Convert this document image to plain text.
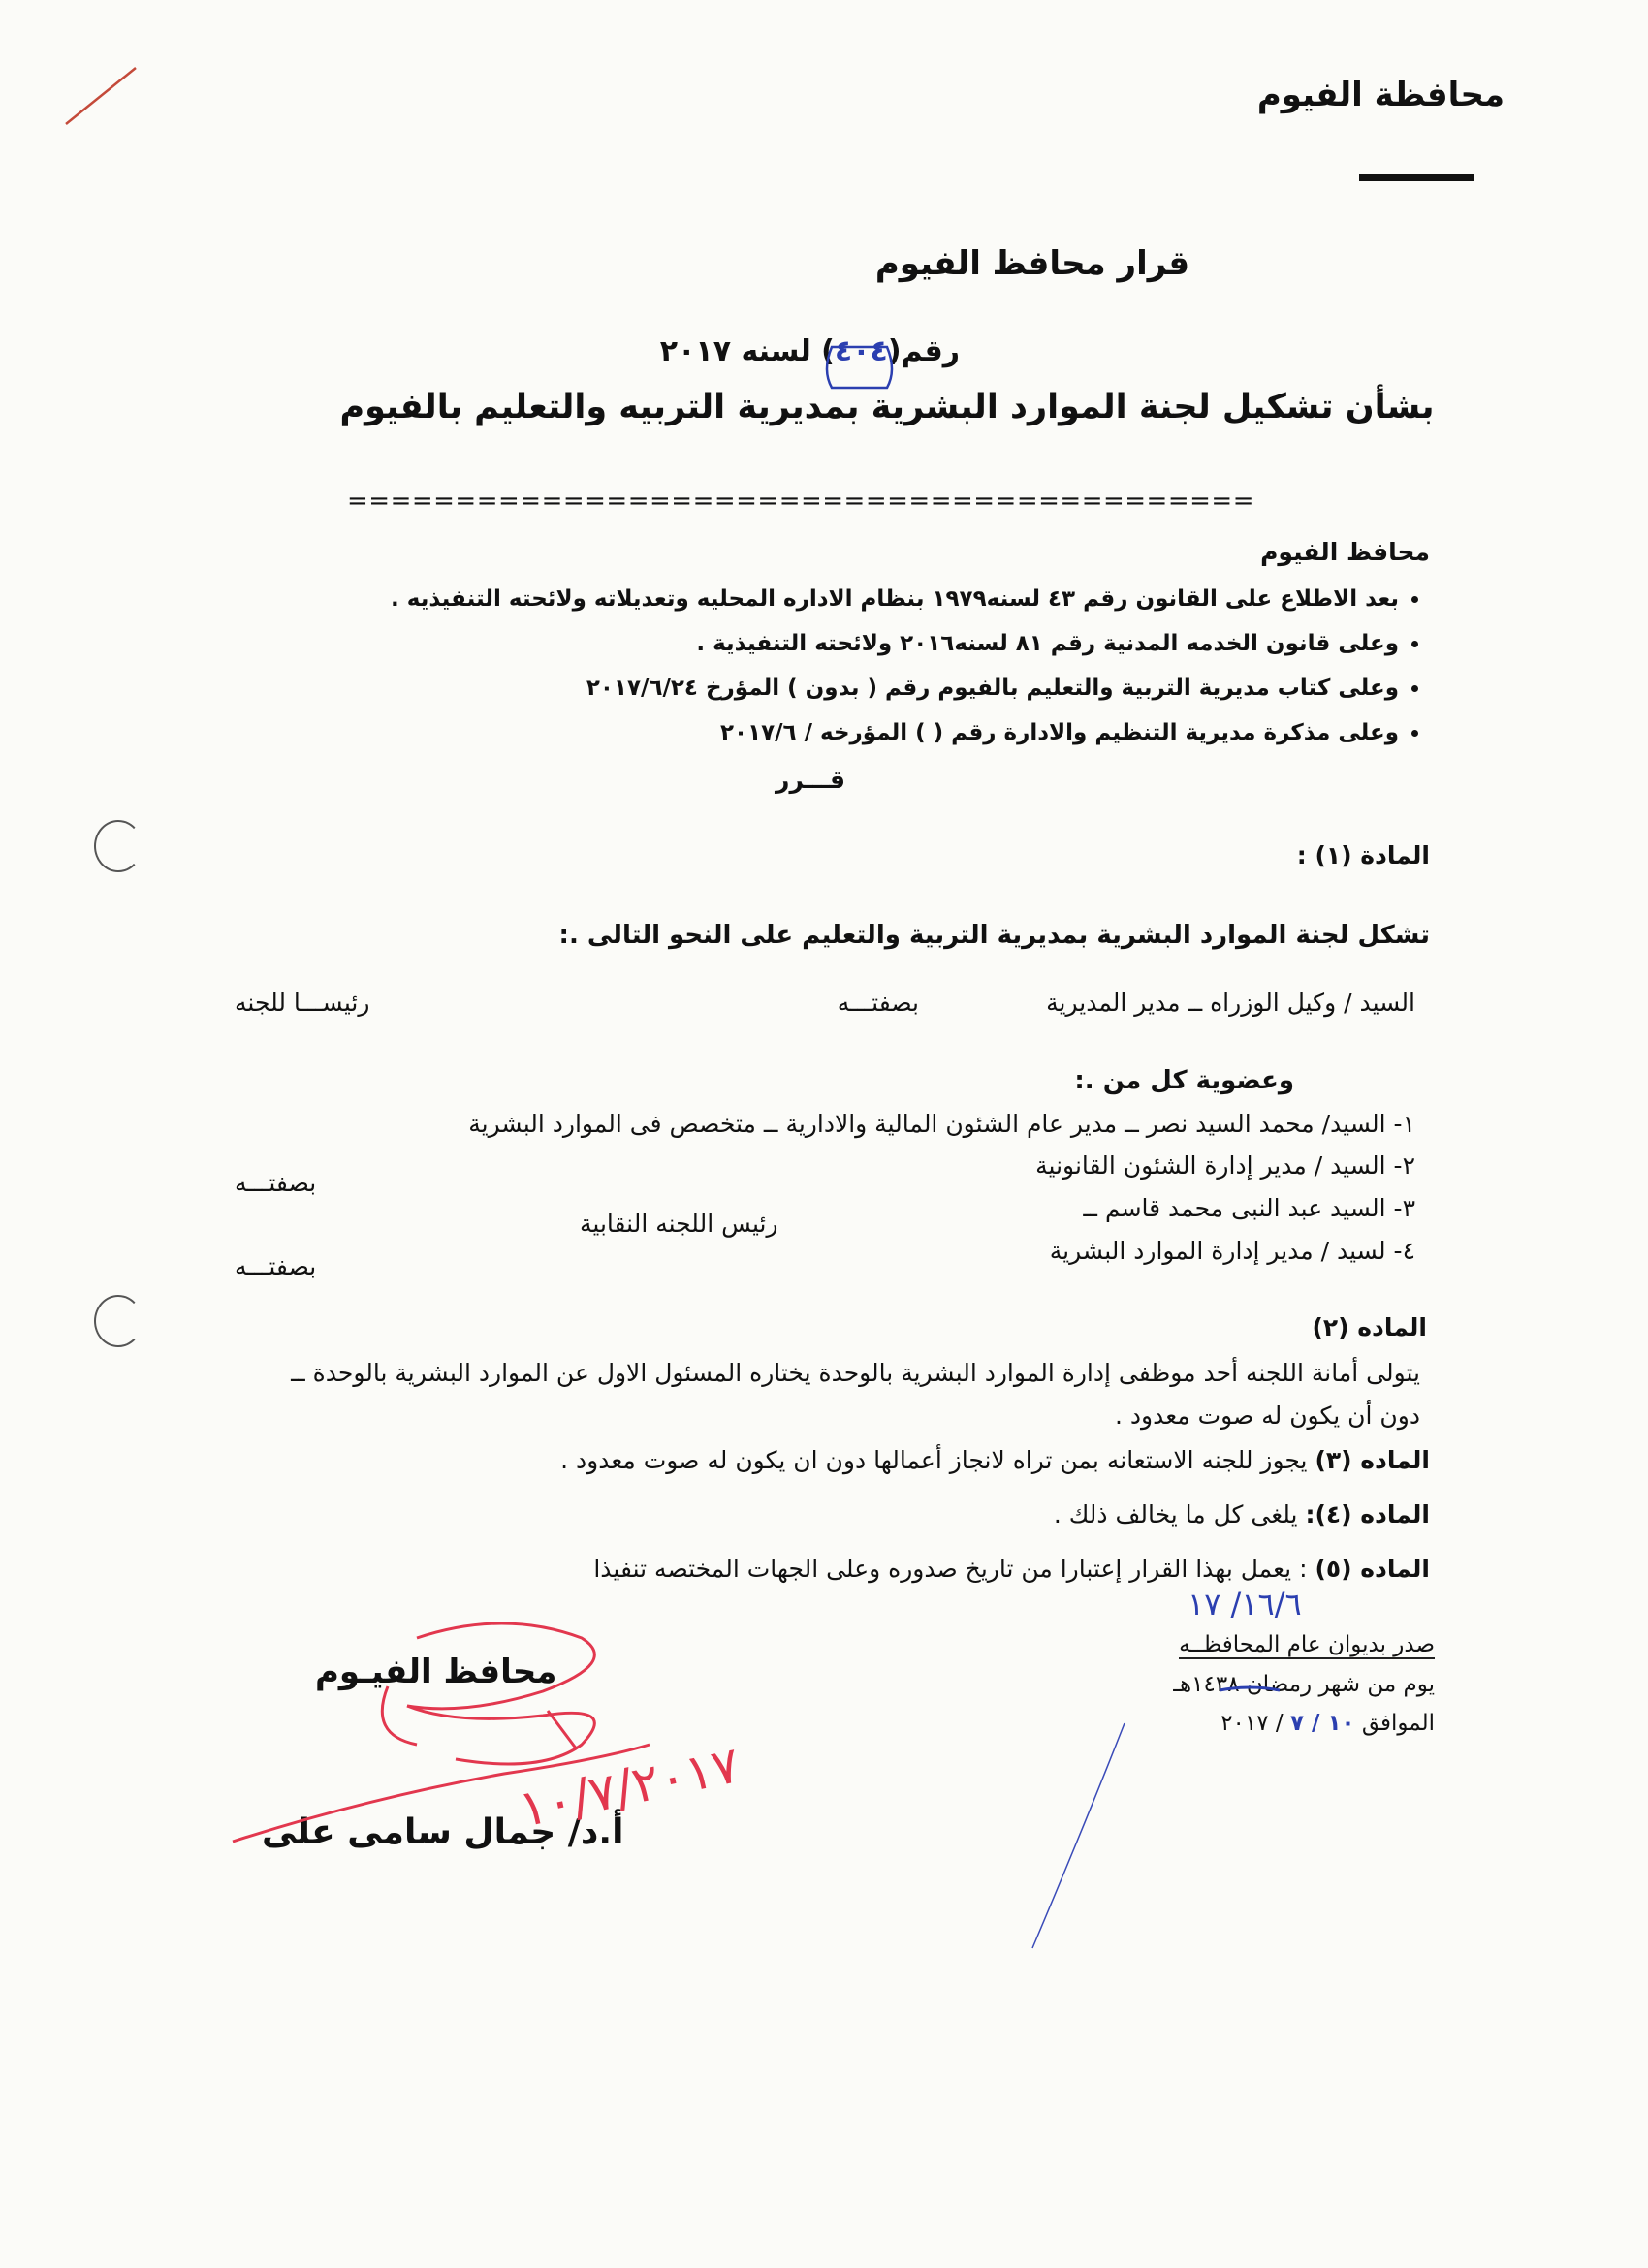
محافظة الفيوم
قرار محافظ الفيوم
رقم(٤٠٤) لسنه ٢٠١٧
بشأن تشكيل لجنة الموارد البشرية بمديرية التربيه والتعليم بالفيوم
==========================================
محافظ الفيوم
• بعد الاطلاع على القانون رقم ٤٣ لسنه١٩٧٩ بنظام الاداره المحليه وتعديلاته ولائحته التنفيذيه .
• وعلى قانون الخدمه المدنية رقم ٨١ لسنه٢٠١٦ ولائحته التنفيذية .
• وعلى كتاب مديرية التربية والتعليم بالفيوم رقم ( بدون ) المؤرخ ٢٠١٧/٦/٢٤
• وعلى مذكرة مديرية التنظيم والادارة رقم ( ) المؤرخه / ٢٠١٧/٦
قـــرر
المادة (١) :
تشكل لجنة الموارد البشرية بمديرية التربية والتعليم على النحو التالى .:
السيد / وكيل الوزراه ــ مدير المديرية
بصفتـــه
رئيســـا للجنه
وعضوية كل من .:
١- السيد/ محمد السيد نصر ــ مدير عام الشئون المالية والادارية ــ متخصص فى الموارد البشرية
٢- السيد / مدير إدارة الشئون القانونية
٣- السيد عبد النبى محمد قاسم ــ
٤- لسيد / مدير إدارة الموارد البشرية
بصفتـــه
رئيس اللجنه النقابية
بصفتـــه
الماده (٢)
يتولى أمانة اللجنه أحد موظفى إدارة الموارد البشرية بالوحدة يختاره المسئول الاول عن الموارد البشرية بالوحدة ــ
دون أن يكون له صوت معدود .
الماده (٣) يجوز للجنه الاستعانه بمن تراه لانجاز أعمالها دون ان يكون له صوت معدود .
الماده (٤): يلغى كل ما يخالف ذلك .
الماده (٥) : يعمل بهذا القرار إعتبارا من تاريخ صدوره وعلى الجهات المختصه تنفيذا
١٦/٦/ ١٧
صدر بديوان عام المحافظــه
يوم من شهر رمضان ١٤٣٨هـ
الموافق ١٠ / ٧ / ٢٠١٧
محافظ الفيـوم
أ.د/ جمال سامى على
١٠/٧/٢٠١٧
